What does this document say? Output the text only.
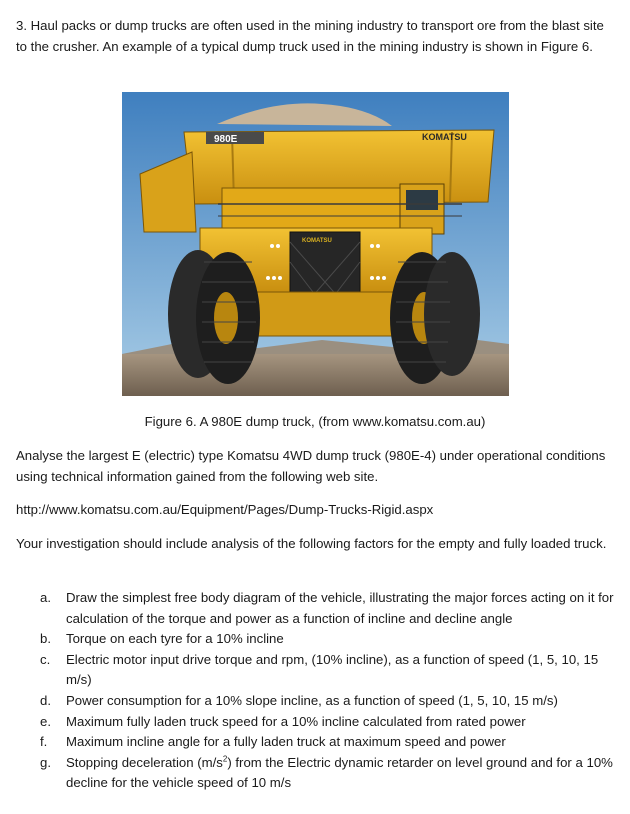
3. Haul packs or dump trucks are often used in the mining industry to transport ore from the blast site to the crusher. An example of a typical dump truck used in the mining industry is shown in Figure 6.

980E	KOMATSU
KOMATSU
Figure 6. A 980E dump truck, (from www.komatsu.com.au)

Analyse the largest E (electric) type Komatsu 4WD dump truck (980E-4) under operational conditions using technical information gained from the following web site.

http://www.komatsu.com.au/Equipment/Pages/Dump-Trucks-Rigid.aspx

Your investigation should include analysis of the following factors for the empty and fully loaded truck.

a. Draw the simplest free body diagram of the vehicle, illustrating the major forces acting on it for calculation of the torque and power as a function of incline and decline angle
b. Torque on each tyre for a 10% incline
c. Electric motor input drive torque and rpm, (10% incline), as a function of speed (1, 5, 10, 15 m/s)
d. Power consumption for a 10% slope incline, as a function of speed (1, 5, 10, 15 m/s)
e. Maximum fully laden truck speed for a 10% incline calculated from rated power
f. Maximum incline angle for a fully laden truck at maximum speed and power
g. Stopping deceleration $(m/s^2)$ from the Electric dynamic retarder on level ground and for a 10% decline for the vehicle speed of 10 m/s
